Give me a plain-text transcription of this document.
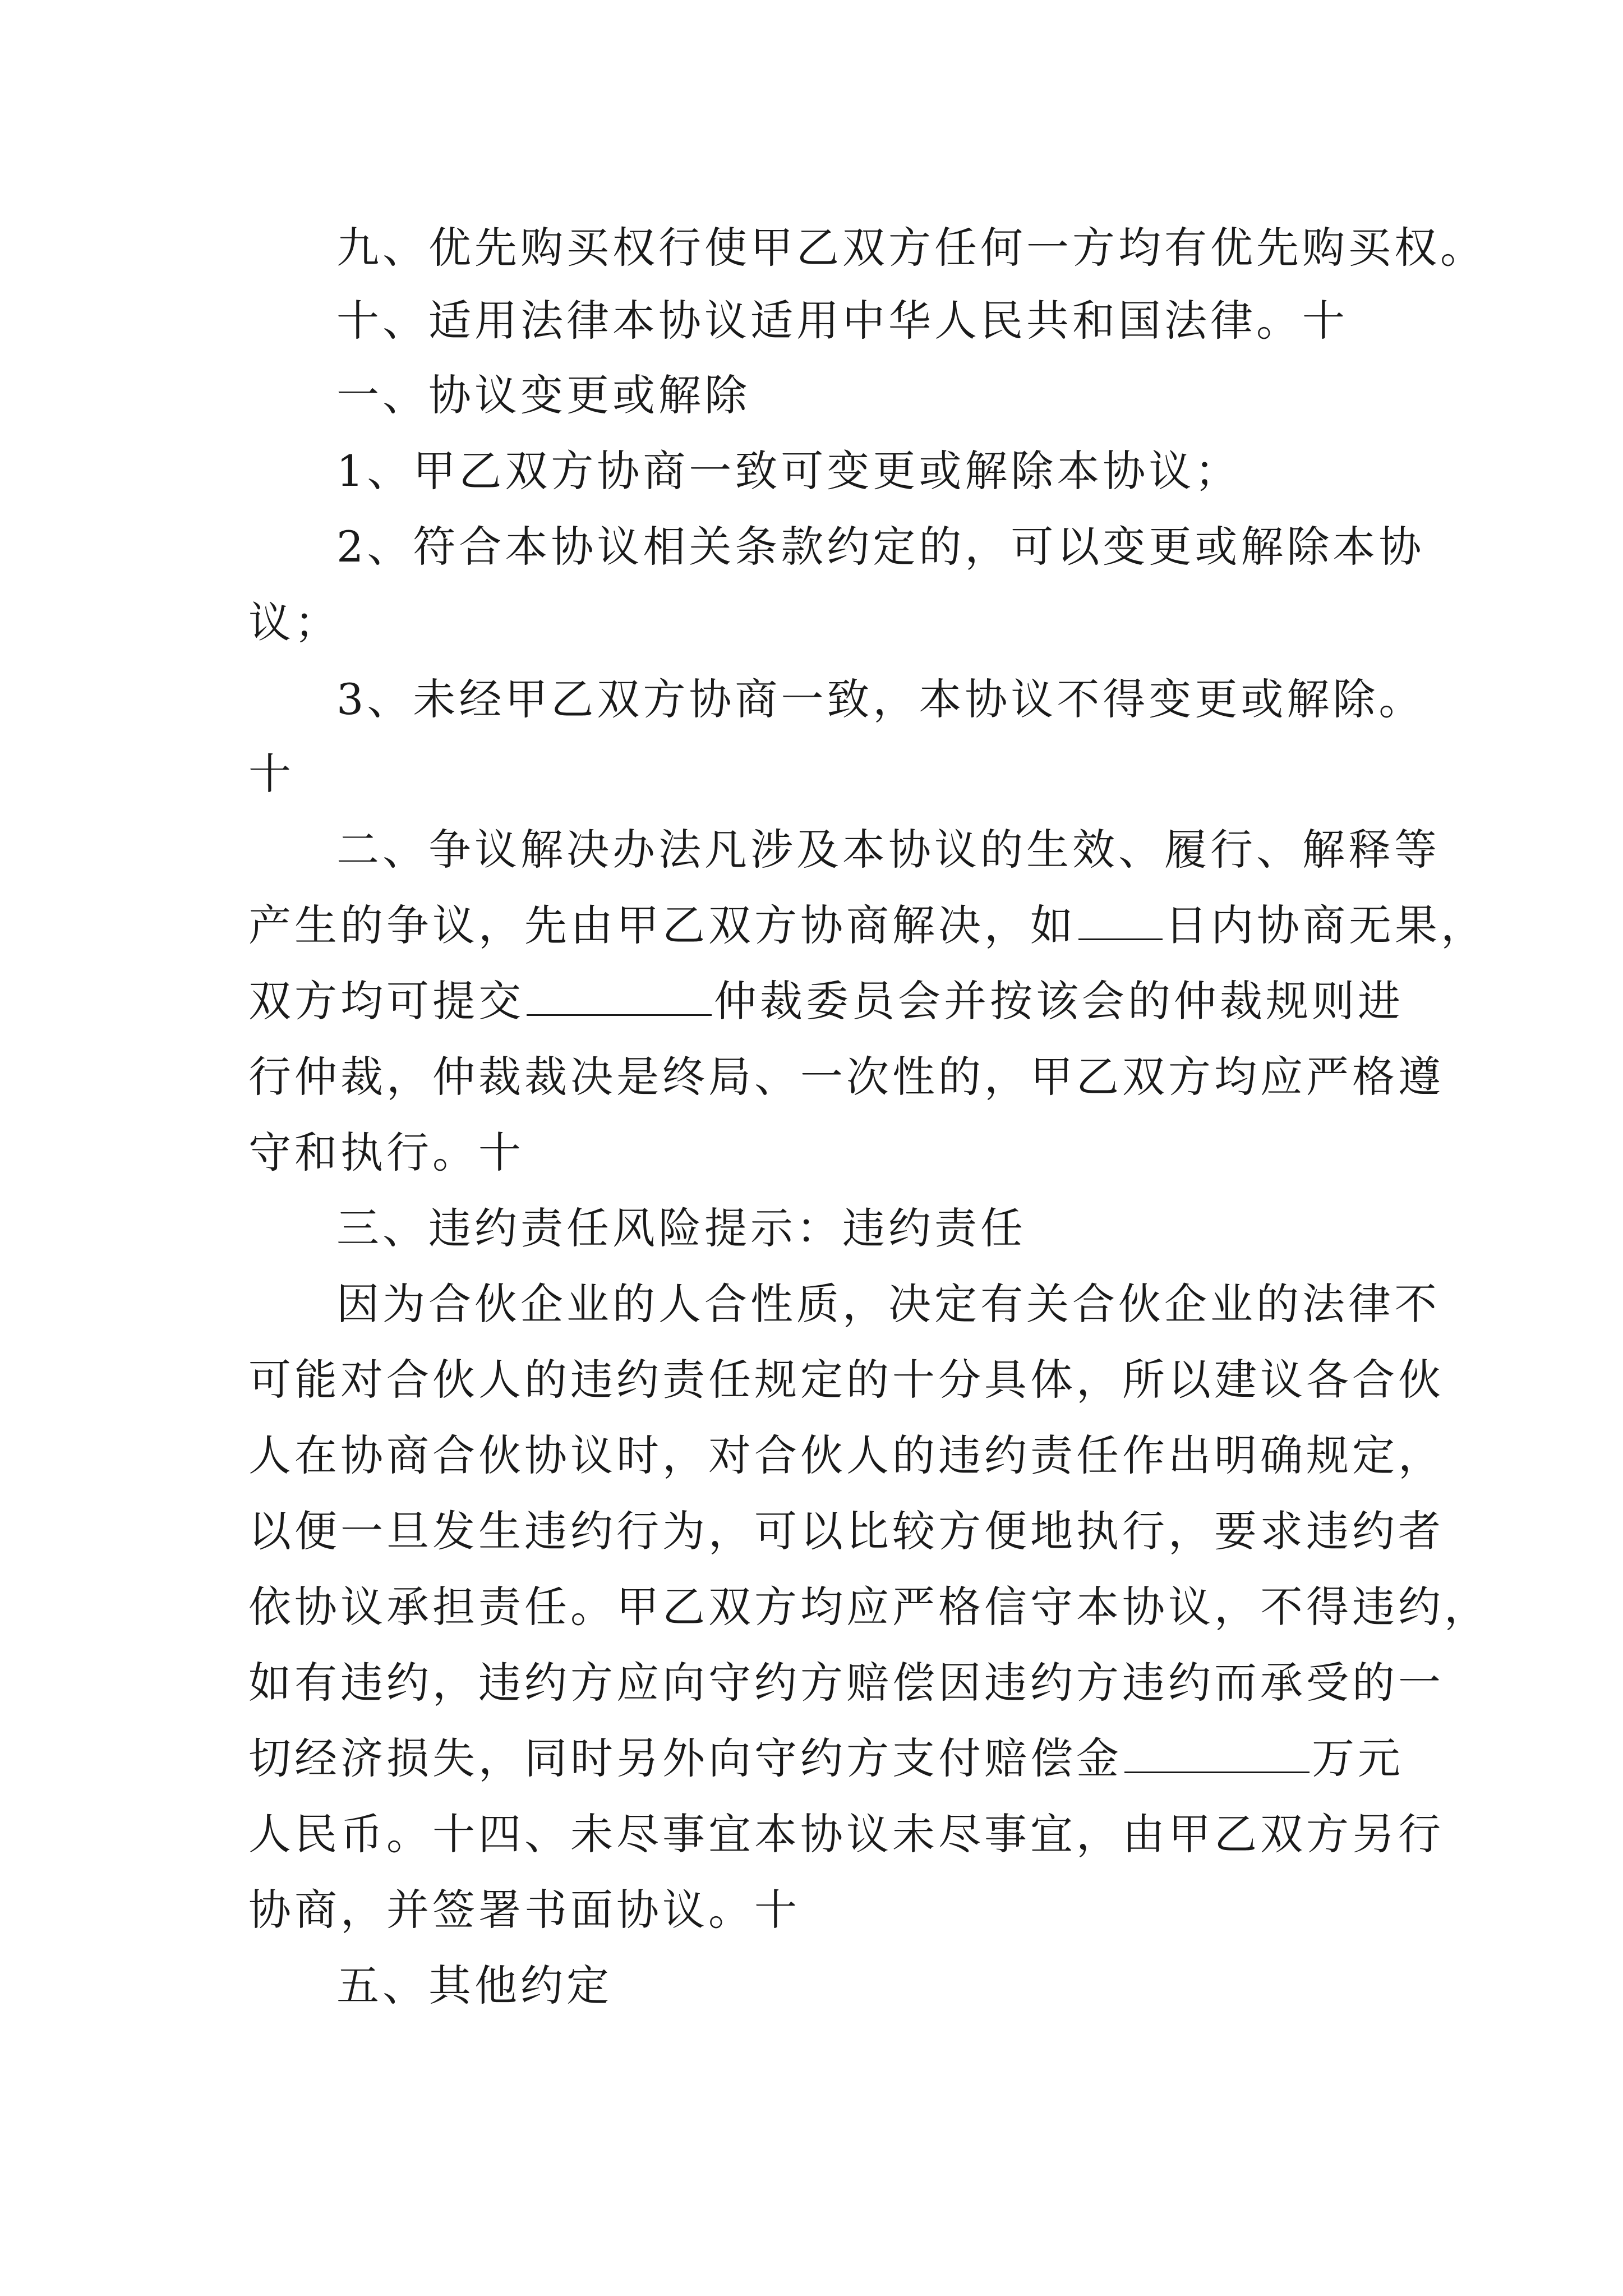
九、优先购买权行使甲乙双方任何一方均有优先购买权。
十、适用法律本协议适用中华人民共和国法律。十
一、协议变更或解除
1、甲乙双方协商一致可变更或解除本协议；
2、符合本协议相关条款约定的，可以变更或解除本协
议；
3、未经甲乙双方协商一致，本协议不得变更或解除。
十
二、争议解决办法凡涉及本协议的生效、履行、解释等
产生的争议，先由甲乙双方协商解决，如 日内协商无果，
双方均可提交	仲裁委员会并按该会的仲裁规则进
行仲裁，仲裁裁决是终局、一次性的，甲乙双方均应严格遵
守和执行。十
三、违约责任风险提示：违约责任
因为合伙企业的人合性质，决定有关合伙企业的法律不
可能对合伙人的违约责任规定的十分具体，所以建议各合伙
人在协商合伙协议时，对合伙人的违约责任作出明确规定，
以便一旦发生违约行为，可以比较方便地执行，要求违约者
依协议承担责任。甲乙双方均应严格信守本协议，不得违约，
如有违约，违约方应向守约方赔偿因违约方违约而承受的一
切经济损失，同时另外向守约方支付赔偿金	万元
人民币。十四、未尽事宜本协议未尽事宜，由甲乙双方另行
协商，并签署书面协议。十
五、其他约定
